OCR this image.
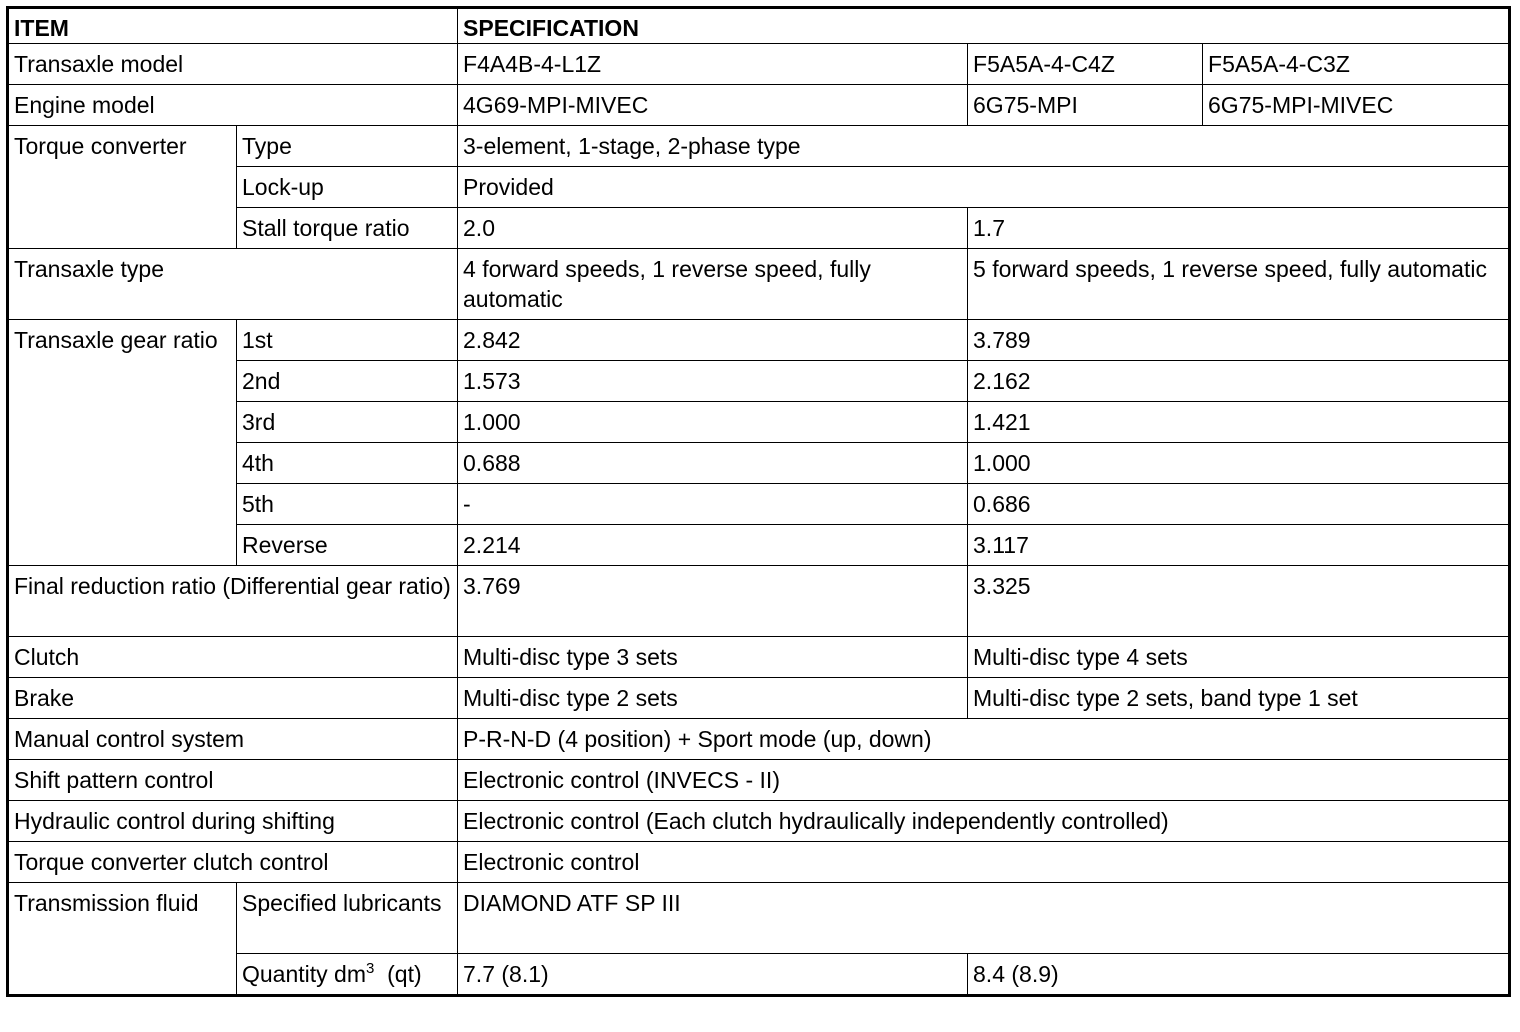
ITEM		SPECIFICATION		
Transaxle model		F4A4B-4-L1Z	F5A5A-4-C4Z	F5A5A-4-C3Z
Engine model		4G69-MPI-MIVEC	6G75-MPI	6G75-MPI-MIVEC
Torque converter	Type	3-element, 1-stage, 2-phase type		
	Lock-up	Provided		
	Stall torque ratio	2.0	1.7	
Transaxle type		4 forward speeds, 1 reverse speed, fully automatic	5 forward speeds, 1 reverse speed, fully automatic	
Transaxle gear ratio	1st	2.842	3.789	
	2nd	1.573	2.162	
	3rd	1.000	1.421	
	4th	0.688	1.000	
	5th	-	0.686	
	Reverse	2.214	3.117	
Final reduction ratio (Differential gear ratio)		3.769	3.325	
Clutch		Multi-disc type 3 sets	Multi-disc type 4 sets	
Brake		Multi-disc type 2 sets	Multi-disc type 2 sets, band type 1 set	
Manual control system		P-R-N-D (4 position) + Sport mode (up, down)		
Shift pattern control		Electronic control (INVECS - II)		
Hydraulic control during shifting		Electronic control (Each clutch hydraulically independently controlled)		
Torque converter clutch control		Electronic control		
Transmission fluid	Specified lubricants	DIAMOND ATF SP III		
	Quantity $dm^3$ (qt)	7.7 (8.1)	8.4 (8.9)	
